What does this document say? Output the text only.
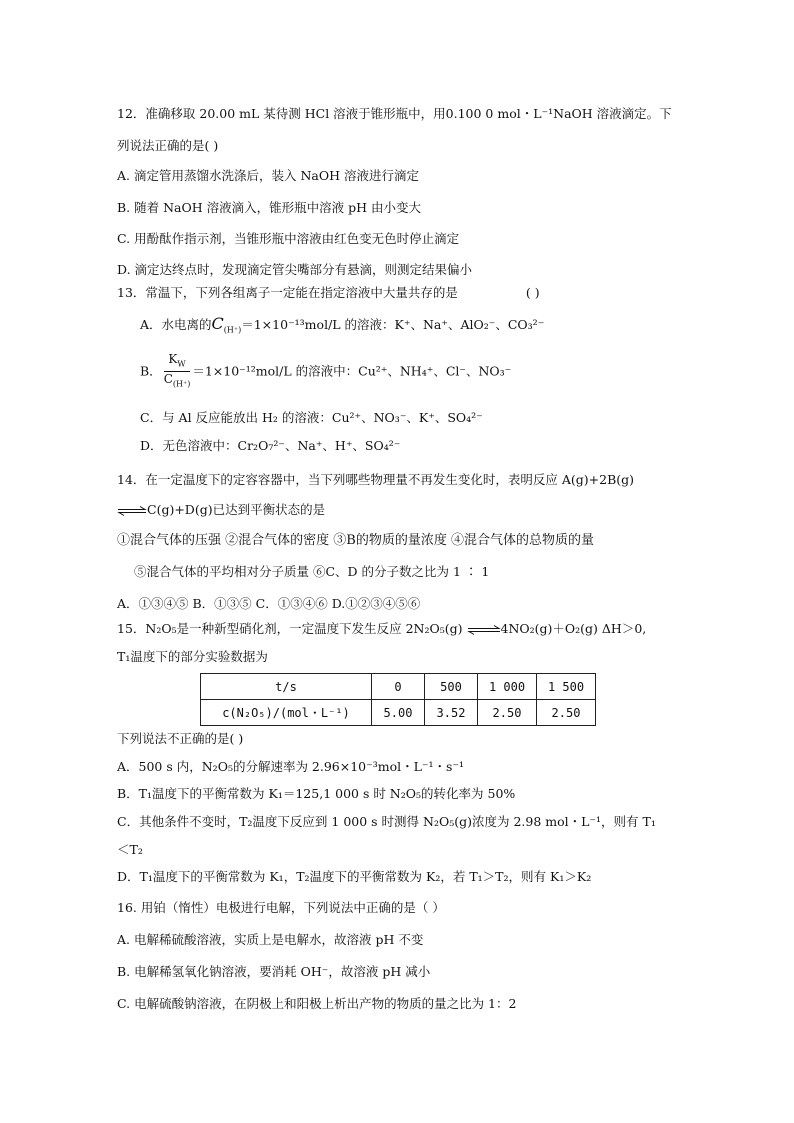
12．准确移取 20.00 mL 某待测 HCl 溶液于锥形瓶中，用0.100 0 mol・L⁻¹NaOH 溶液滴定。下
列说法正确的是( )
A. 滴定管用蒸馏水洗涤后，装入 NaOH 溶液进行滴定
B. 随着 NaOH 溶液滴入，锥形瓶中溶液 pH 由小变大
C. 用酚酞作指示剂，当锥形瓶中溶液由红色变无色时停止滴定
D. 滴定达终点时，发现滴定管尖嘴部分有悬滴，则测定结果偏小
13．常温下，下列各组离子一定能在指定溶液中大量共存的是	( )
A．水电离的$C_{(H^+)}=1\times 10^{-13}mol/L$ 的溶液：K⁺、Na⁺、AlO₂⁻、CO₃²⁻
B． $\frac{K_W}{C_{(H^+)}} =1\times 10^{-12}mol/L$ 的溶液中：Cu²⁺、NH₄⁺、Cl⁻、NO₃⁻
C．与 Al 反应能放出 H₂ 的溶液：Cu²⁺、NO₃⁻、K⁺、SO₄²⁻
D．无色溶液中：Cr₂O₇²⁻、Na⁺、H⁺、SO₄²⁻
14．在一定温度下的定容容器中，当下列哪些物理量不再发生变化时，表明反应 A(g)+2B(g)
⇌C(g)+D(g)已达到平衡状态的是
①混合气体的压强 ②混合气体的密度 ③B的物质的量浓度 ④混合气体的总物质的量
⑤混合气体的平均相对分子质量 ⑥C、D 的分子数之比为 1 ∶ 1
A．①③④⑤ B．①③⑤ C．①③④⑥ D.①②③④⑤⑥
15．N₂O₅是一种新型硝化剂，一定温度下发生反应 2N₂O₅(g) ⇌4NO₂(g)＋O₂(g) ΔH＞0,
T₁温度下的部分实验数据为
t/s	0	500	1 000	1 500
c(N₂O₅)/(mol・L⁻¹)	5.00	3.52	2.50	2.50
下列说法不正确的是( )
A．500 s 内，N₂O₅的分解速率为 2.96×10⁻³mol・L⁻¹・s⁻¹
B．T₁温度下的平衡常数为 K₁＝125,1 000 s 时 N₂O₅的转化率为 50%
C．其他条件不变时，T₂温度下反应到 1 000 s 时测得 N₂O₅(g)浓度为 2.98 mol・L⁻¹，则有 T₁
＜T₂
D．T₁温度下的平衡常数为 K₁，T₂温度下的平衡常数为 K₂，若 T₁＞T₂，则有 K₁＞K₂
16. 用铂（惰性）电极进行电解，下列说法中正确的是（ ）
A. 电解稀硫酸溶液，实质上是电解水，故溶液 pH 不变
B. 电解稀氢氧化钠溶液，要消耗 OH⁻，故溶液 pH 减小
C. 电解硫酸钠溶液，在阴极上和阳极上析出产物的物质的量之比为 1：2
